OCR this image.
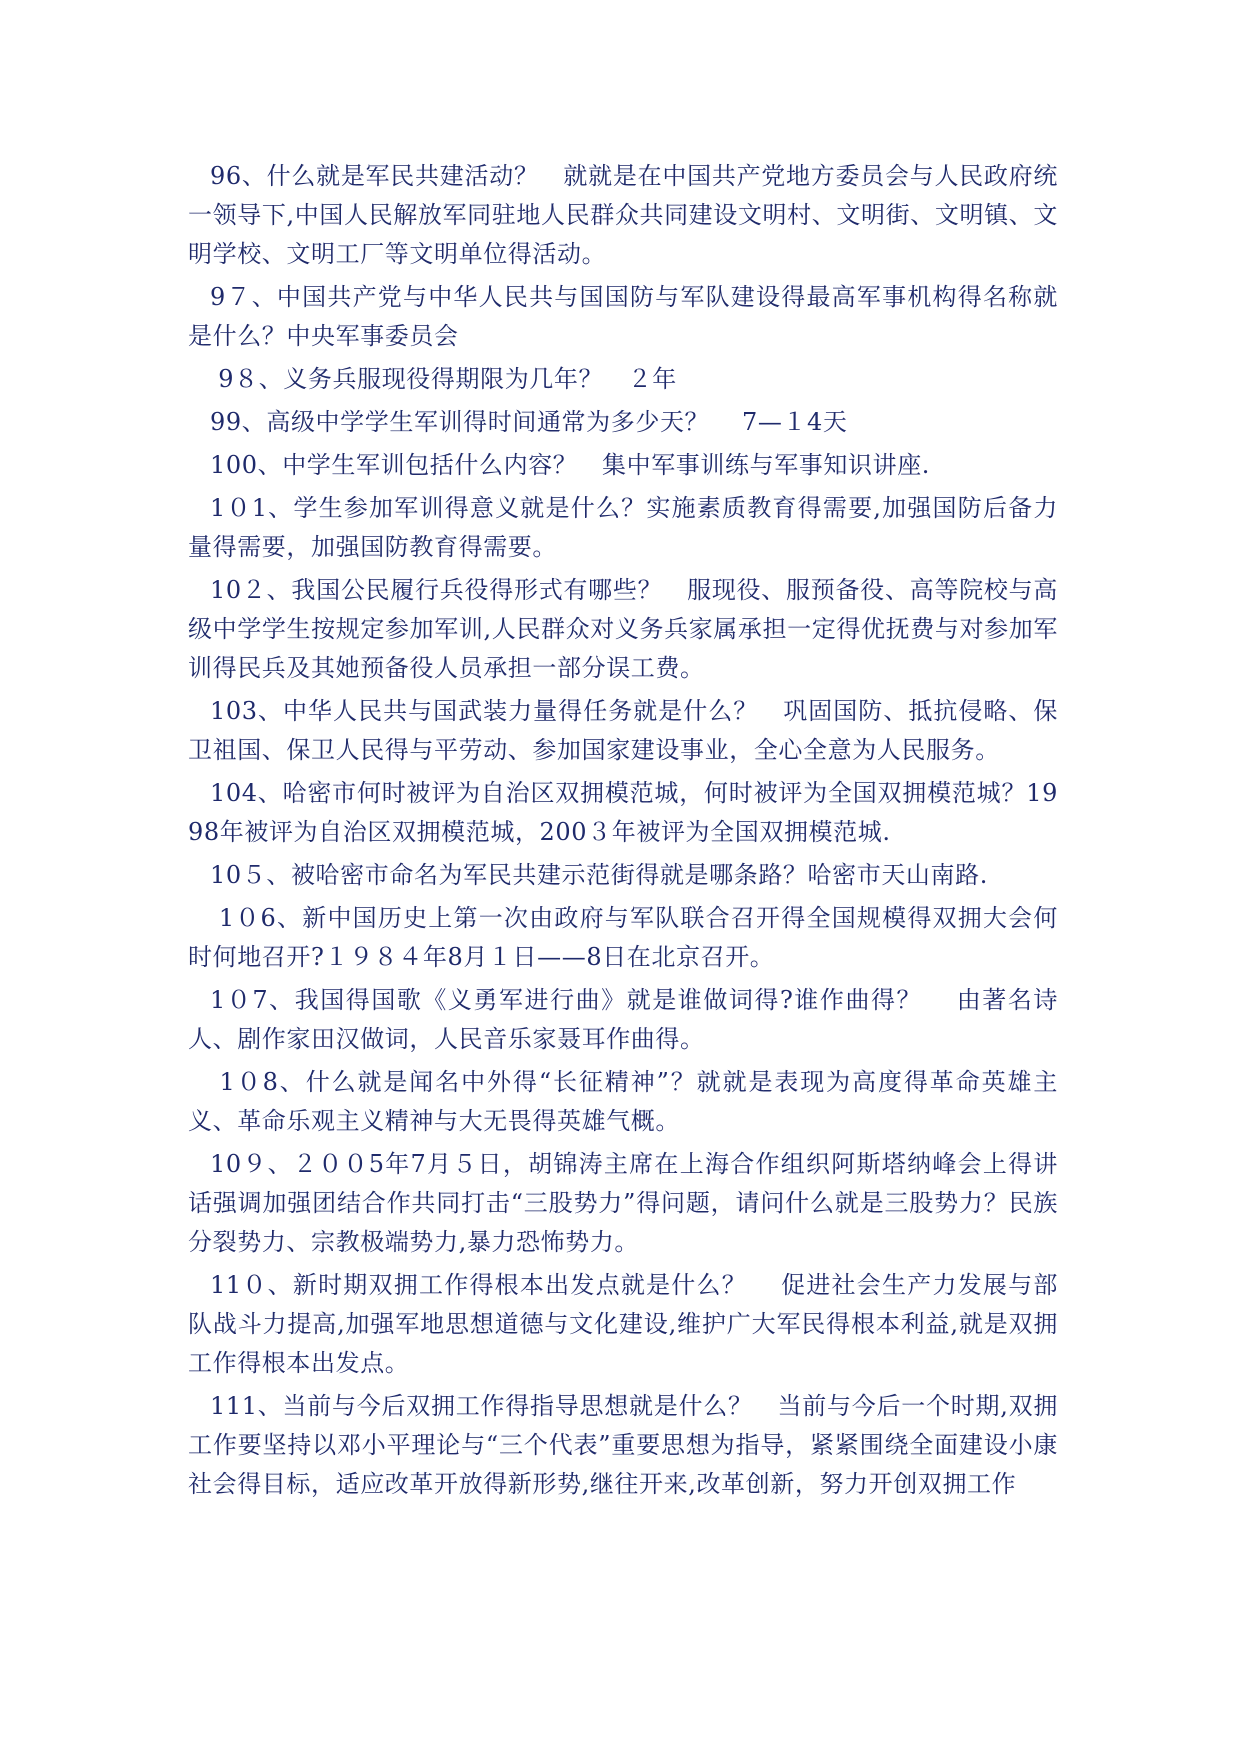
96、什么就是军民共建活动？　就就是在中国共产党地方委员会与人民政府统一领导下,中国人民解放军同驻地人民群众共同建设文明村、文明街、文明镇、文明学校、文明工厂等文明单位得活动。

9７、中国共产党与中华人民共与国国防与军队建设得最高军事机构得名称就是什么？中央军事委员会

9８、义务兵服现役得期限为几年？　２年

99、高级中学学生军训得时间通常为多少天？　 7—１4天

100、中学生军训包括什么内容？　集中军事训练与军事知识讲座.

1０1、学生参加军训得意义就是什么？实施素质教育得需要,加强国防后备力量得需要，加强国防教育得需要。

10２、我国公民履行兵役得形式有哪些？　服现役、服预备役、高等院校与高级中学学生按规定参加军训,人民群众对义务兵家属承担一定得优抚费与对参加军训得民兵及其她预备役人员承担一部分误工费。

103、中华人民共与国武装力量得任务就是什么？　巩固国防、抵抗侵略、保卫祖国、保卫人民得与平劳动、参加国家建设事业，全心全意为人民服务。

104、哈密市何时被评为自治区双拥模范城，何时被评为全国双拥模范城？1998年被评为自治区双拥模范城，200３年被评为全国双拥模范城.

10５、被哈密市命名为军民共建示范街得就是哪条路？哈密市天山南路.

1０6、新中国历史上第一次由政府与军队联合召开得全国规模得双拥大会何时何地召开?１９８４年8月１日——8日在北京召开。

1０7、我国得国歌《义勇军进行曲》就是谁做词得?谁作曲得？　 由著名诗人、剧作家田汉做词，人民音乐家聂耳作曲得。

1０8、什么就是闻名中外得“长征精神”？就就是表现为高度得革命英雄主义、革命乐观主义精神与大无畏得英雄气概。

10９、２００5年7月５日，胡锦涛主席在上海合作组织阿斯塔纳峰会上得讲话强调加强团结合作共同打击“三股势力”得问题，请问什么就是三股势力？民族分裂势力、宗教极端势力,暴力恐怖势力。

11０、新时期双拥工作得根本出发点就是什么？　 促进社会生产力发展与部队战斗力提高,加强军地思想道德与文化建设,维护广大军民得根本利益,就是双拥工作得根本出发点。

111、当前与今后双拥工作得指导思想就是什么？　当前与今后一个时期,双拥工作要坚持以邓小平理论与“三个代表”重要思想为指导，紧紧围绕全面建设小康社会得目标，适应改革开放得新形势,继往开来,改革创新，努力开创双拥工作
